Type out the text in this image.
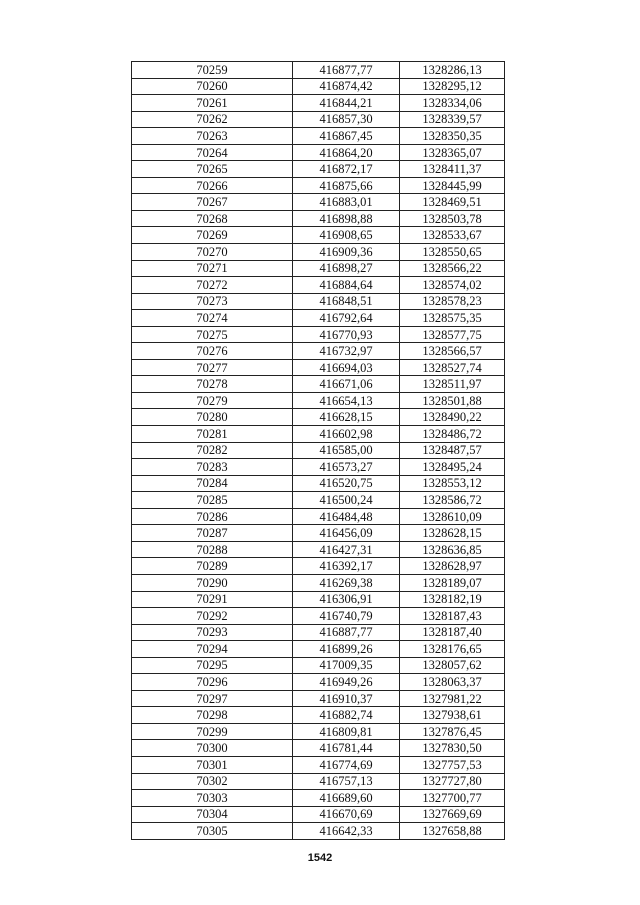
70259	416877,77	1328286,13
70260	416874,42	1328295,12
70261	416844,21	1328334,06
70262	416857,30	1328339,57
70263	416867,45	1328350,35
70264	416864,20	1328365,07
70265	416872,17	1328411,37
70266	416875,66	1328445,99
70267	416883,01	1328469,51
70268	416898,88	1328503,78
70269	416908,65	1328533,67
70270	416909,36	1328550,65
70271	416898,27	1328566,22
70272	416884,64	1328574,02
70273	416848,51	1328578,23
70274	416792,64	1328575,35
70275	416770,93	1328577,75
70276	416732,97	1328566,57
70277	416694,03	1328527,74
70278	416671,06	1328511,97
70279	416654,13	1328501,88
70280	416628,15	1328490,22
70281	416602,98	1328486,72
70282	416585,00	1328487,57
70283	416573,27	1328495,24
70284	416520,75	1328553,12
70285	416500,24	1328586,72
70286	416484,48	1328610,09
70287	416456,09	1328628,15
70288	416427,31	1328636,85
70289	416392,17	1328628,97
70290	416269,38	1328189,07
70291	416306,91	1328182,19
70292	416740,79	1328187,43
70293	416887,77	1328187,40
70294	416899,26	1328176,65
70295	417009,35	1328057,62
70296	416949,26	1328063,37
70297	416910,37	1327981,22
70298	416882,74	1327938,61
70299	416809,81	1327876,45
70300	416781,44	1327830,50
70301	416774,69	1327757,53
70302	416757,13	1327727,80
70303	416689,60	1327700,77
70304	416670,69	1327669,69
70305	416642,33	1327658,88
1542
